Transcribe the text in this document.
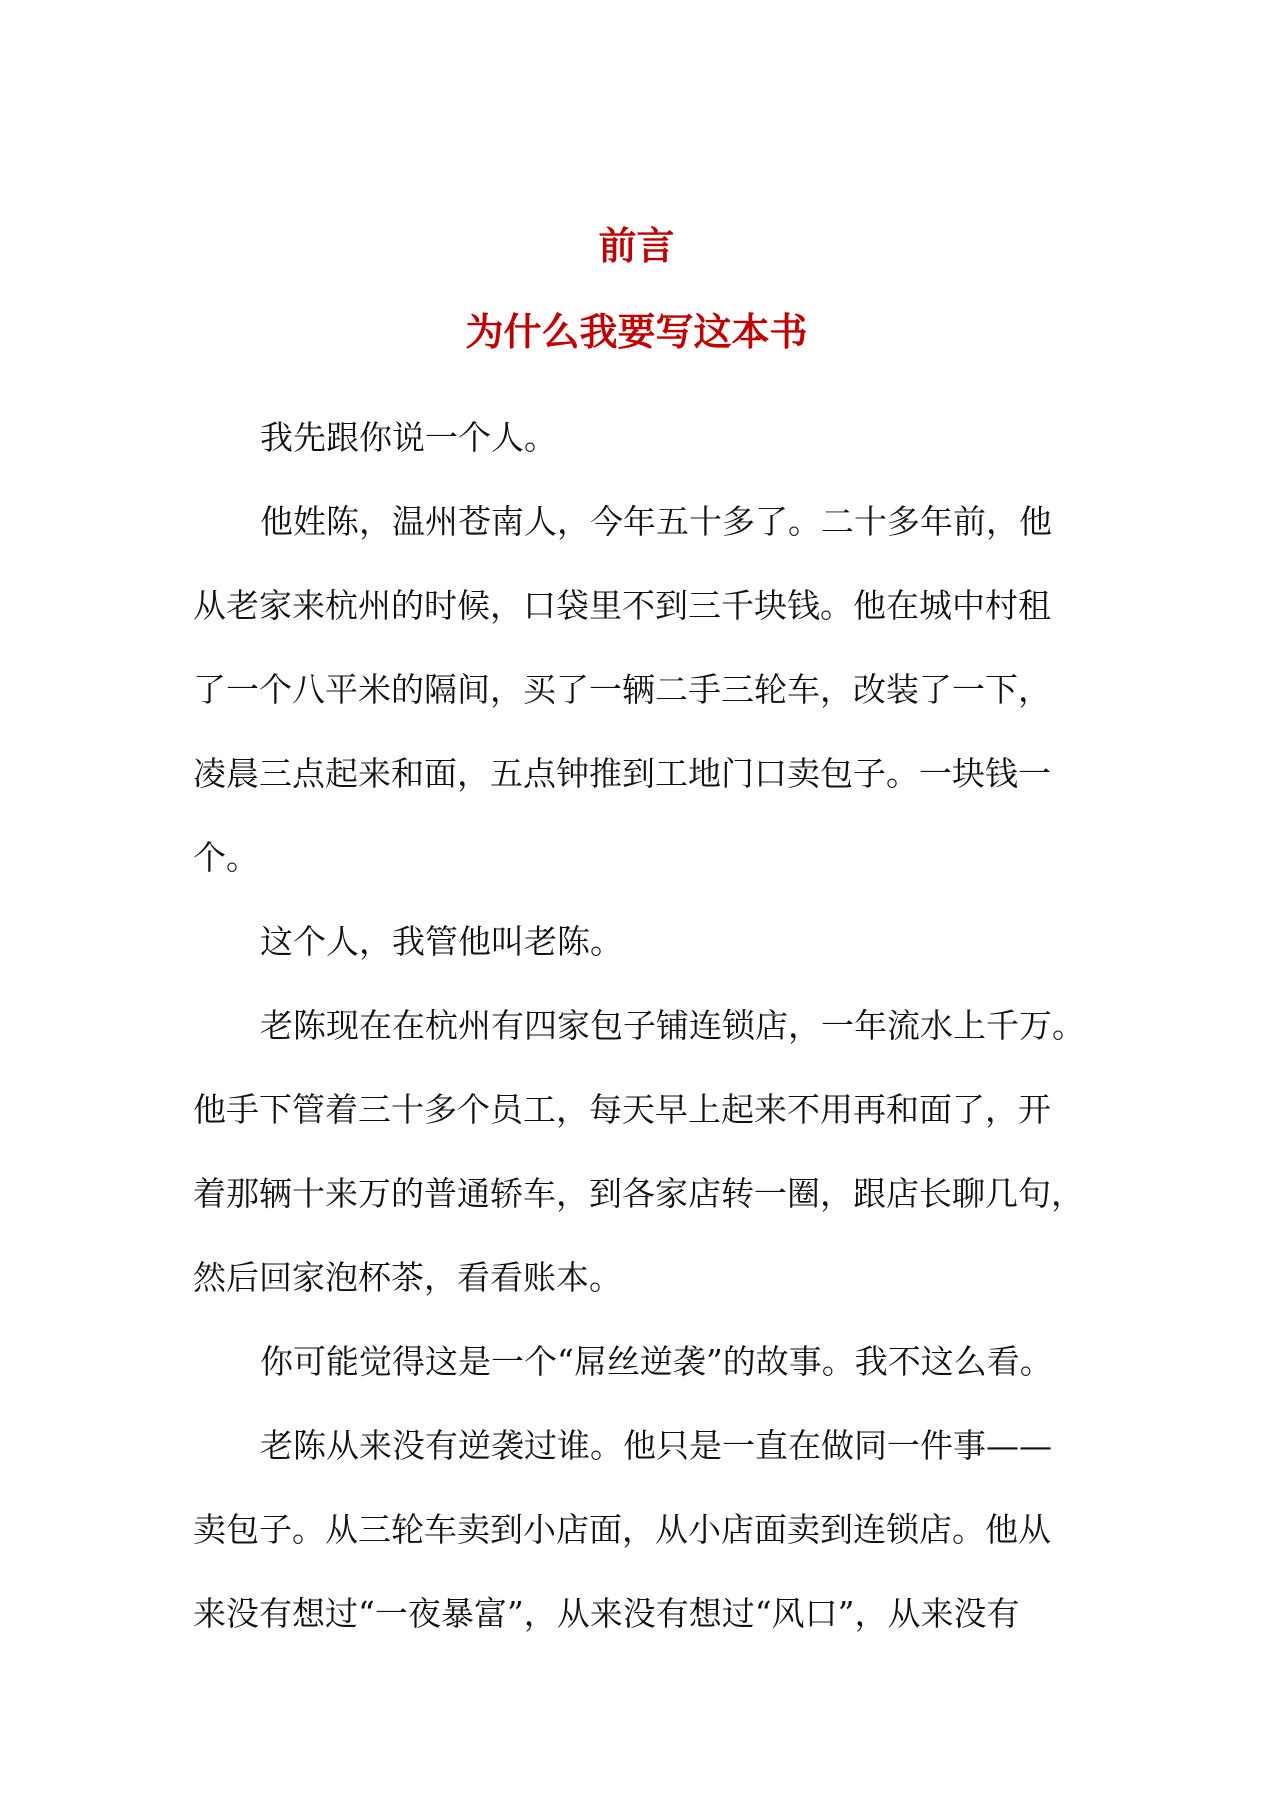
前言
为什么我要写这本书
我先跟你说一个人。
他姓陈，温州苍南人，今年五十多了。二十多年前，他
从老家来杭州的时候，口袋里不到三千块钱。他在城中村租
了一个八平米的隔间，买了一辆二手三轮车，改装了一下，
凌晨三点起来和面，五点钟推到工地门口卖包子。一块钱一
个。
这个人，我管他叫老陈。
老陈现在在杭州有四家包子铺连锁店，一年流水上千万。
他手下管着三十多个员工，每天早上起来不用再和面了，开
着那辆十来万的普通轿车，到各家店转一圈，跟店长聊几句，
然后回家泡杯茶，看看账本。
你可能觉得这是一个“屌丝逆袭”的故事。我不这么看。
老陈从来没有逆袭过谁。他只是一直在做同一件事——
卖包子。从三轮车卖到小店面，从小店面卖到连锁店。他从
来没有想过“一夜暴富”，从来没有想过“风口”，从来没有
